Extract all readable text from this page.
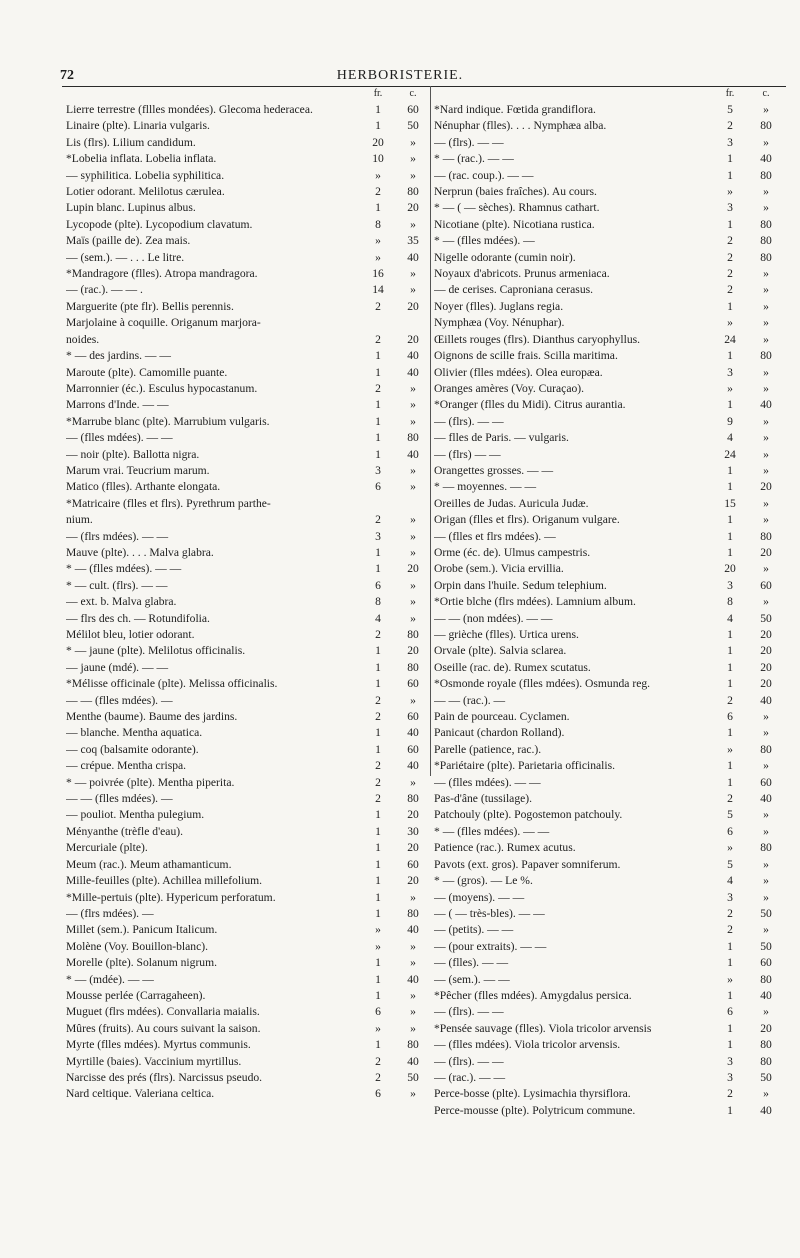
72	HERBORISTERIE.
fr.	c.
Lierre terrestre (fllles mondées). Glecoma hederacea.	1	60
Linaire (plte). Linaria vulgaris.	1	50
Lis (flrs). Lilium candidum.	20	»
*Lobelia inflata. Lobelia inflata.	10	»
— syphilitica. Lobelia syphilitica.	»	»
Lotier odorant. Melilotus cærulea.	2	80
Lupin blanc. Lupinus albus.	1	20
Lycopode (plte). Lycopodium clavatum.	8	»
Maïs (paille de). Zea mais.	»	35
— (sem.). — . . . Le litre.	»	40
*Mandragore (flles). Atropa mandragora.	16	»
— (rac.). — — .	14	»
Marguerite (pte flr). Bellis perennis.	2	20
Marjolaine à coquille. Origanum marjora-
noides.	2	20
* — des jardins. — —	1	40
Maroute (plte). Camomille puante.	1	40
Marronnier (éc.). Esculus hypocastanum.	2	»
Marrons d'Inde. — —	1	»
*Marrube blanc (plte). Marrubium vulgaris.	1	»
— (flles mdées). — —	1	80
— noir (plte). Ballotta nigra.	1	40
Marum vrai. Teucrium marum.	3	»
Matico (flles). Arthante elongata.	6	»
*Matricaire (flles et flrs). Pyrethrum parthe-
nium.	2	»
— (flrs mdées). — —	3	»
Mauve (plte). . . . Malva glabra.	1	»
* — (flles mdées). — —	1	20
* — cult. (flrs). — —	6	»
— ext. b. Malva glabra.	8	»
— flrs des ch. — Rotundifolia.	4	»
Mélilot bleu, lotier odorant.	2	80
* — jaune (plte). Melilotus officinalis.	1	20
— jaune (mdé). — —	1	80
*Mélisse officinale (plte). Melissa officinalis.	1	60
— — (flles mdées). —	2	»
Menthe (baume). Baume des jardins.	2	60
— blanche. Mentha aquatica.	1	40
— coq (balsamite odorante).	1	60
— crépue. Mentha crispa.	2	40
* — poivrée (plte). Mentha piperita.	2	»
— — (flles mdées). —	2	80
— pouliot. Mentha pulegium.	1	20
Ményanthe (trèfle d'eau).	1	30
Mercuriale (plte).	1	20
Meum (rac.). Meum athamanticum.	1	60
Mille-feuilles (plte). Achillea millefolium.	1	20
*Mille-pertuis (plte). Hypericum perforatum.	1	»
— (flrs mdées). —	1	80
Millet (sem.). Panicum Italicum.	»	40
Molène (Voy. Bouillon-blanc).	»	»
Morelle (plte). Solanum nigrum.	1	»
* — (mdée). — —	1	40
Mousse perlée (Carragaheen).	1	»
Muguet (flrs mdées). Convallaria maialis.	6	»
Mûres (fruits). Au cours suivant la saison.	»	»
Myrte (flles mdées). Myrtus communis.	1	80
Myrtille (baies). Vaccinium myrtillus.	2	40
Narcisse des prés (flrs). Narcissus pseudo.	2	50
Nard celtique. Valeriana celtica.	6	»
fr.	c.
*Nard indique. Fœtida grandiflora.	5	»
Nénuphar (flles). . . . Nymphæa alba.	2	80
— (flrs). — —	3	»
* — (rac.). — —	1	40
— (rac. coup.). — —	1	80
Nerprun (baies fraîches). Au cours.	»	»
* — ( — sèches). Rhamnus cathart.	3	»
Nicotiane (plte). Nicotiana rustica.	1	80
* — (flles mdées). —	2	80
Nigelle odorante (cumin noir).	2	80
Noyaux d'abricots. Prunus armeniaca.	2	»
— de cerises. Caproniana cerasus.	2	»
Noyer (flles). Juglans regia.	1	»
Nymphæa (Voy. Nénuphar).	»	»
Œillets rouges (flrs). Dianthus caryophyllus.	24	»
Oignons de scille frais. Scilla maritima.	1	80
Olivier (flles mdées). Olea europæa.	3	»
Oranges amères (Voy. Curaçao).	»	»
*Oranger (flles du Midi). Citrus aurantia.	1	40
— (flrs). — —	9	»
— flles de Paris. — vulgaris.	4	»
— (flrs) — —	24	»
Orangettes grosses. — —	1	»
* — moyennes. — —	1	20
Oreilles de Judas. Auricula Judæ.	15	»
Origan (flles et flrs). Origanum vulgare.	1	»
— (flles et flrs mdées). —	1	80
Orme (éc. de). Ulmus campestris.	1	20
Orobe (sem.). Vicia ervillia.	20	»
Orpin dans l'huile. Sedum telephium.	3	60
*Ortie blche (flrs mdées). Lamnium album.	8	»
— — (non mdées). — —	4	50
— grièche (flles). Urtica urens.	1	20
Orvale (plte). Salvia sclarea.	1	20
Oseille (rac. de). Rumex scutatus.	1	20
*Osmonde royale (flles mdées). Osmunda reg.	1	20
— — (rac.). —	2	40
Pain de pourceau. Cyclamen.	6	»
Panicaut (chardon Rolland).	1	»
Parelle (patience, rac.).	»	80
*Pariétaire (plte). Parietaria officinalis.	1	»
— (flles mdées). — —	1	60
Pas-d'âne (tussilage).	2	40
Patchouly (plte). Pogostemon patchouly.	5	»
* — (flles mdées). — —	6	»
Patience (rac.). Rumex acutus.	»	80
Pavots (ext. gros). Papaver somniferum.	5	»
* — (gros). — Le %.	4	»
— (moyens). — —	3	»
— ( — très-bles). — —	2	50
— (petits). — —	2	»
— (pour extraits). — —	1	50
— (flles). — —	1	60
— (sem.). — —	»	80
*Pêcher (flles mdées). Amygdalus persica.	1	40
— (flrs). — —	6	»
*Pensée sauvage (flles). Viola tricolor arvensis	1	20
— (flles mdées). Viola tricolor arvensis.	1	80
— (flrs). — —	3	80
— (rac.). — —	3	50
Perce-bosse (plte). Lysimachia thyrsiflora.	2	»
Perce-mousse (plte). Polytricum commune.	1	40
